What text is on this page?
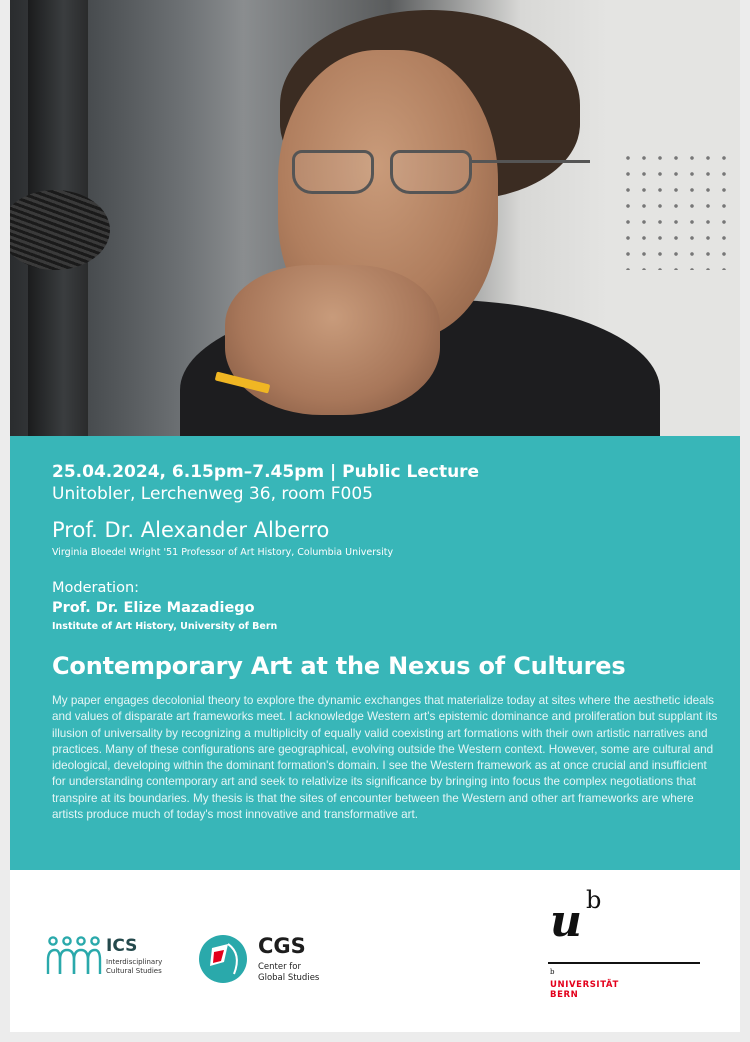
25.04.2024, 6.15pm–7.45pm | Public Lecture
Unitobler, Lerchenweg 36, room F005
Prof. Dr. Alexander Alberro
Virginia Bloedel Wright '51 Professor of Art History, Columbia University
Moderation:
Prof. Dr. Elize Mazadiego
Institute of Art History, University of Bern
Contemporary Art at the Nexus of Cultures
My paper engages decolonial theory to explore the dynamic exchanges that materialize today at sites where the aesthetic ideals and values of disparate art frameworks meet. I acknowledge Western art's epistemic dominance and proliferation but supplant its illusion of universality by recognizing a multiplicity of equally valid coexisting art formations with their own artistic narratives and practices. Many of these configurations are geographical, evolving outside the Western context. However, some are cultural and ideological, developing within the dominant formation's domain. I see the Western framework as at once crucial and insufficient for understanding contemporary art and seek to relativize its significance by bringing into focus the complex negotiations that transpire at its boundaries. My thesis is that the sites of encounter between the Western and other art frameworks are where artists produce much of today's most innovative and transformative art.
ICS
Interdisciplinary
Cultural Studies
CGS
Center for
Global Studies
u b
b
UNIVERSITÄT
BERN
